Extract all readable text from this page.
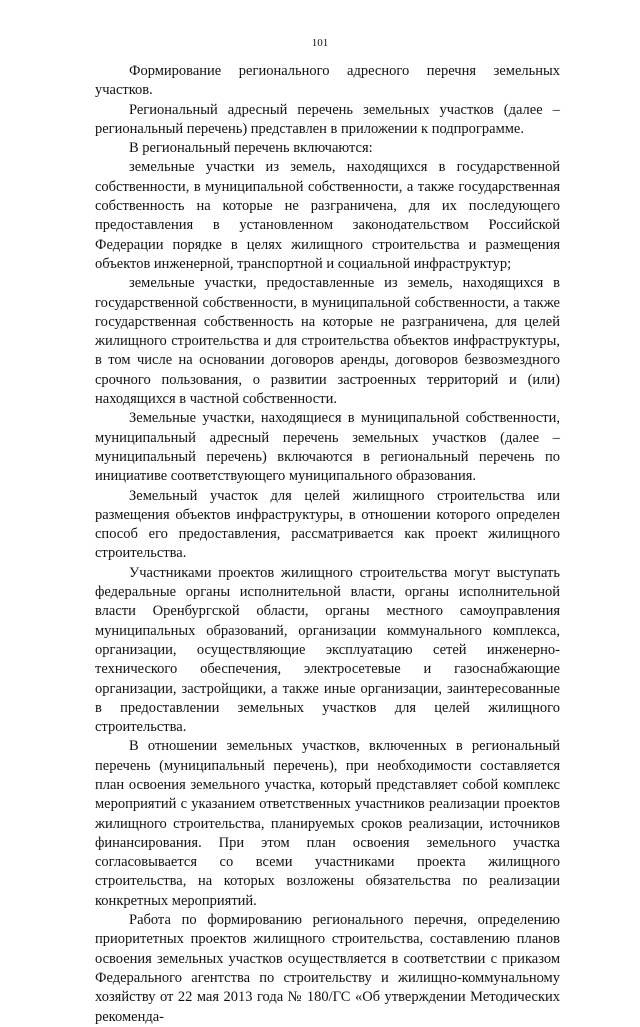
101

Формирование регионального адресного перечня земельных участков.

Региональный адресный перечень земельных участков (далее – региональный перечень) представлен в приложении к подпрограмме.

В региональный перечень включаются:

земельные участки из земель, находящихся в государственной собственности, в муниципальной собственности, а также государственная собственность на которые не разграничена, для их последующего предоставления в установленном законодательством Российской Федерации порядке в целях жилищного строительства и размещения объектов инженерной, транспортной и социальной инфраструктур;

земельные участки, предоставленные из земель, находящихся в государственной собственности, в муниципальной собственности, а также государственная собственность на которые не разграничена, для целей жилищного строительства и для строительства объектов инфраструктуры, в том числе на основании договоров аренды, договоров безвозмездного срочного пользования, о развитии застроенных территорий и (или) находящихся в частной собственности.

Земельные участки, находящиеся в муниципальной собственности, муниципальный адресный перечень земельных участков (далее – муниципальный перечень) включаются в региональный перечень по инициативе соответствующего муниципального образования.

Земельный участок для целей жилищного строительства или размещения объектов инфраструктуры, в отношении которого определен способ его предоставления, рассматривается как проект жилищного строительства.

Участниками проектов жилищного строительства могут выступать федеральные органы исполнительной власти, органы исполнительной власти Оренбургской области, органы местного самоуправления муниципальных образований, организации коммунального комплекса, организации, осуществляющие эксплуатацию сетей инженерно-технического обеспечения, электросетевые и газоснабжающие организации, застройщики, а также иные организации, заинтересованные в предоставлении земельных участков для целей жилищного строительства.

В отношении земельных участков, включенных в региональный перечень (муниципальный перечень), при необходимости составляется план освоения земельного участка, который представляет собой комплекс мероприятий с указанием ответственных участников реализации проектов жилищного строительства, планируемых сроков реализации, источников финансирования. При этом план освоения земельного участка согласовывается со всеми участниками проекта жилищного строительства, на которых возложены обязательства по реализации конкретных мероприятий.

Работа по формированию регионального перечня, определению приоритетных проектов жилищного строительства, составлению планов освоения земельных участков осуществляется в соответствии с приказом Федерального агентства по строительству и жилищно-коммунальному хозяйству от 22 мая 2013 года № 180/ГС «Об утверждении Методических рекоменда-
